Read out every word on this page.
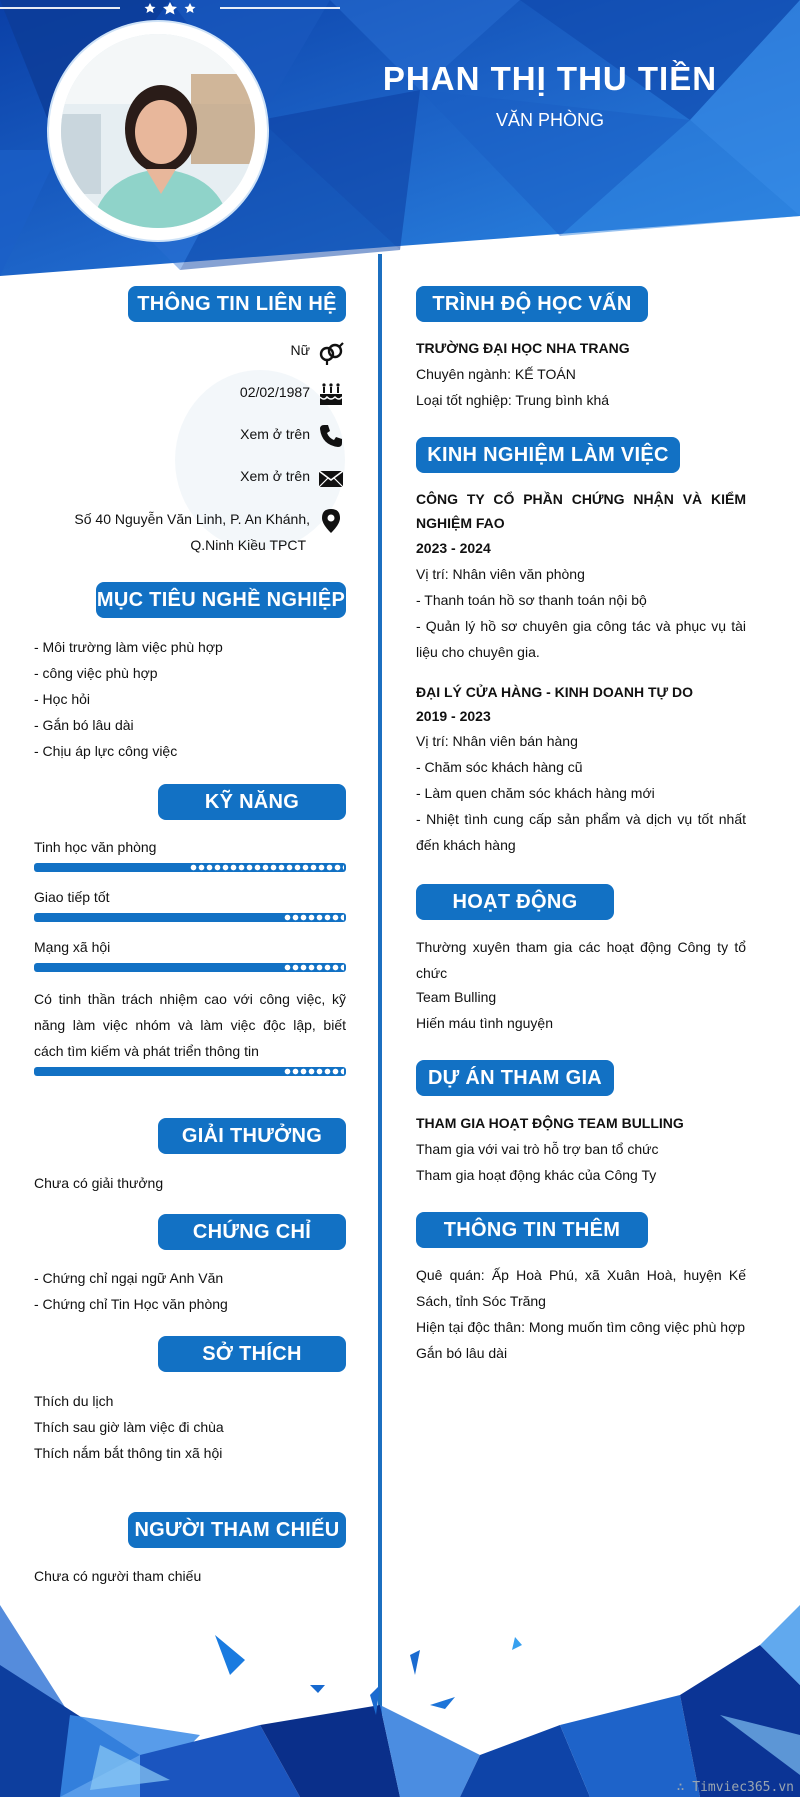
PHAN THỊ THU TIỀN
VĂN PHÒNG
THÔNG TIN LIÊN HỆ
Nữ
02/02/1987
Xem ở trên
Xem ở trên
Số 40 Nguyễn Văn Linh, P. An Khánh,
Q.Ninh Kiều TPCT
MỤC TIÊU NGHỀ NGHIỆP
- Môi trường làm việc phù hợp
- công việc phù hợp
- Học hỏi
- Gắn bó lâu dài
- Chịu áp lực công việc
KỸ NĂNG
Tinh học văn phòng
Giao tiếp tốt
Mạng xã hội
Có tinh thần trách nhiệm cao với công việc, kỹ năng làm việc nhóm và làm việc độc lập, biết cách tìm kiếm và phát triển thông tin
GIẢI THƯỞNG
Chưa có giải thưởng
CHỨNG CHỈ
- Chứng chỉ ngại ngữ Anh Văn
- Chứng chỉ Tin Học văn phòng
SỞ THÍCH
Thích du lịch
Thích sau giờ làm việc đi chùa
Thích nắm bắt thông tin xã hội
NGƯỜI THAM CHIẾU
Chưa có người tham chiếu
TRÌNH ĐỘ HỌC VẤN
TRƯỜNG ĐẠI HỌC NHA TRANG
Chuyên ngành: KẾ TOÁN
Loại tốt nghiệp: Trung bình khá
KINH NGHIỆM LÀM VIỆC
CÔNG TY CỔ PHẦN CHỨNG NHẬN VÀ KIỂM NGHIỆM FAO
2023 - 2024
Vị trí: Nhân viên văn phòng
- Thanh toán hồ sơ thanh toán nội bộ
- Quản lý hồ sơ chuyên gia công tác và phục vụ tài liệu cho chuyên gia.
ĐẠI LÝ CỬA HÀNG - KINH DOANH TỰ DO
2019 - 2023
Vị trí: Nhân viên bán hàng
- Chăm sóc khách hàng cũ
- Làm quen chăm sóc khách hàng mới
- Nhiệt tình cung cấp sản phẩm và dịch vụ tốt nhất đến khách hàng
HOẠT ĐỘNG
Thường xuyên tham gia các hoạt động Công ty tổ chức
Team Bulling
Hiến máu tình nguyện
DỰ ÁN THAM GIA
THAM GIA HOẠT ĐỘNG TEAM BULLING
Tham gia với vai trò hỗ trợ ban tổ chức
Tham gia hoạt động khác của Công Ty
THÔNG TIN THÊM
Quê quán: Ấp Hoà Phú, xã Xuân Hoà, huyện Kế Sách, tỉnh Sóc Trăng
Hiện tại độc thân: Mong muốn tìm công việc phù hợp
Gắn bó lâu dài
∴ Timviec365.vn
